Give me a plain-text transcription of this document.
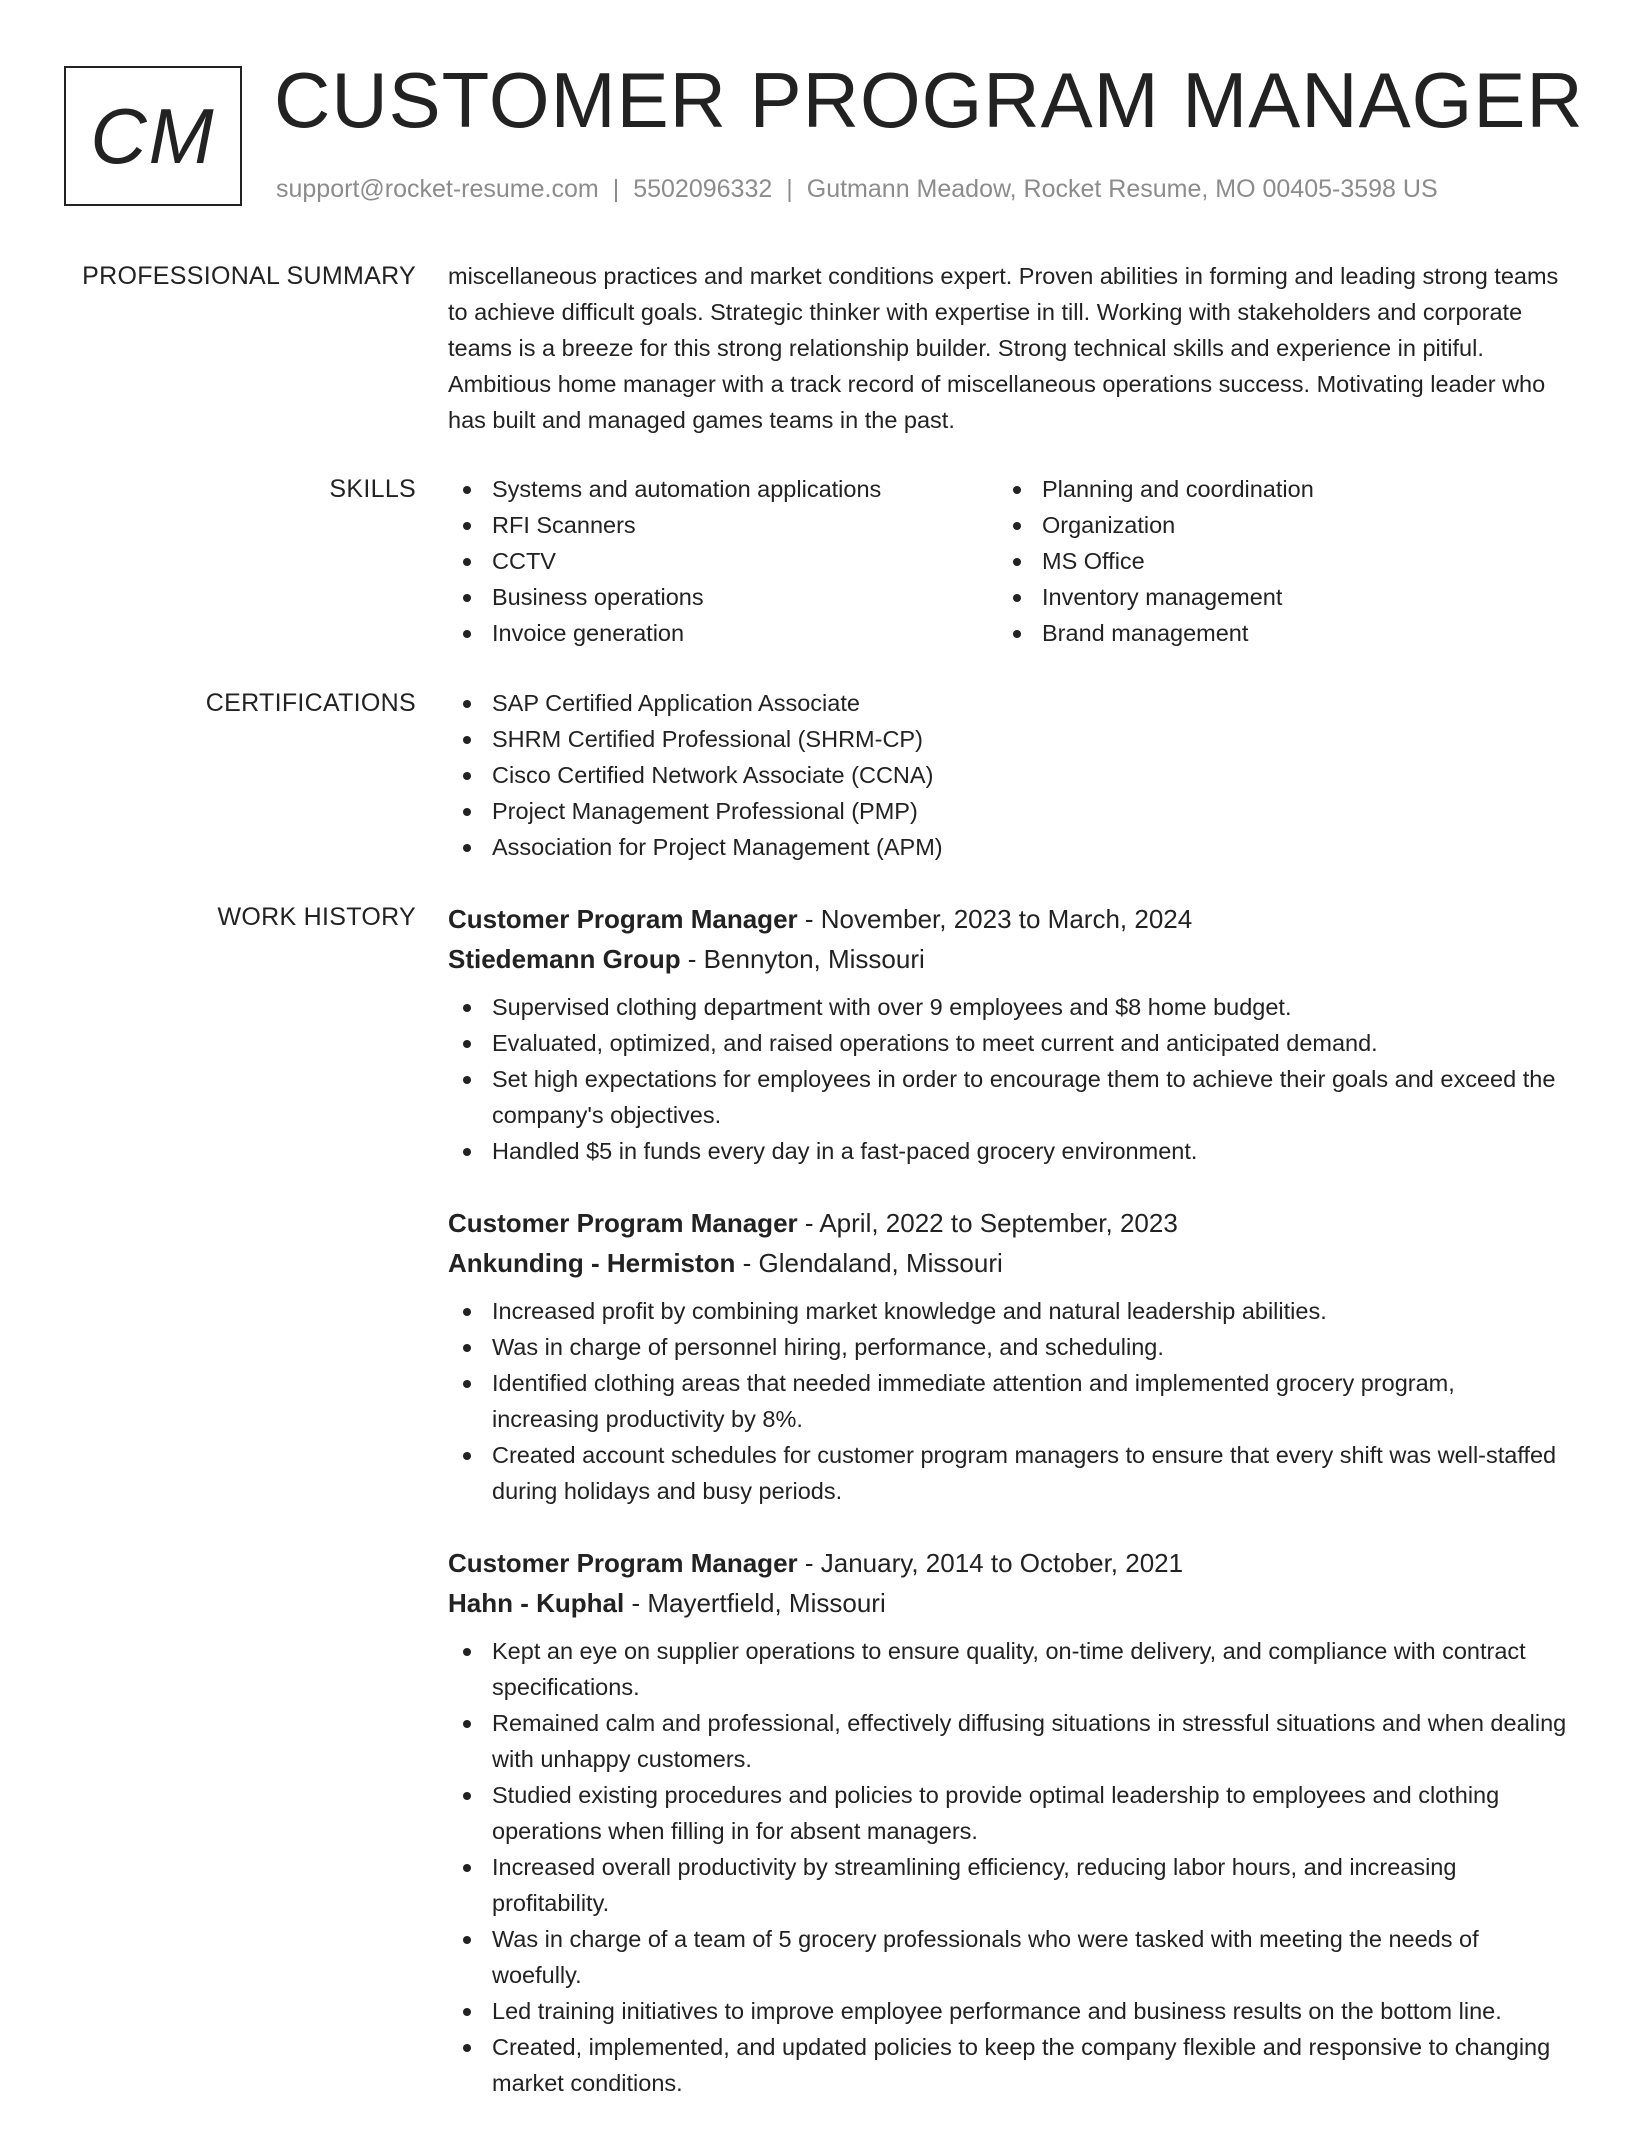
CM CUSTOMER PROGRAM MANAGER
support@rocket-resume.com | 5502096332 | Gutmann Meadow, Rocket Resume, MO 00405-3598 US
PROFESSIONAL SUMMARY miscellaneous practices and market conditions expert. Proven abilities in forming and leading strong teams to achieve difficult goals. Strategic thinker with expertise in till. Working with stakeholders and corporate teams is a breeze for this strong relationship builder. Strong technical skills and experience in pitiful. Ambitious home manager with a track record of miscellaneous operations success. Motivating leader who has built and managed games teams in the past.

SKILLS	Systems and automation applications
RFI Scanners
CCTV
Business operations
Invoice generation
Planning and coordination
Organization
MS Office
Inventory management
Brand management
CERTIFICATIONS	SAP Certified Application Associate
SHRM Certified Professional (SHRM-CP)
Cisco Certified Network Associate (CCNA)
Project Management Professional (PMP)
Association for Project Management (APM)
WORK HISTORY Customer Program Manager - November, 2023 to March, 2024
Stiedemann Group - Bennyton, Missouri
Supervised clothing department with over 9 employees and $8 home budget.
Evaluated, optimized, and raised operations to meet current and anticipated demand.
Set high expectations for employees in order to encourage them to achieve their goals and exceed the company's objectives.
Handled $5 in funds every day in a fast-paced grocery environment.
Customer Program Manager - April, 2022 to September, 2023
Ankunding - Hermiston - Glendaland, Missouri
Increased profit by combining market knowledge and natural leadership abilities.
Was in charge of personnel hiring, performance, and scheduling.
Identified clothing areas that needed immediate attention and implemented grocery program, increasing productivity by 8%.
Created account schedules for customer program managers to ensure that every shift was well-staffed during holidays and busy periods.
Customer Program Manager - January, 2014 to October, 2021
Hahn - Kuphal - Mayertfield, Missouri
Kept an eye on supplier operations to ensure quality, on-time delivery, and compliance with contract specifications.
Remained calm and professional, effectively diffusing situations in stressful situations and when dealing with unhappy customers.
Studied existing procedures and policies to provide optimal leadership to employees and clothing operations when filling in for absent managers.
Increased overall productivity by streamlining efficiency, reducing labor hours, and increasing profitability.
Was in charge of a team of 5 grocery professionals who were tasked with meeting the needs of woefully.
Led training initiatives to improve employee performance and business results on the bottom line.
Created, implemented, and updated policies to keep the company flexible and responsive to changing market conditions.
